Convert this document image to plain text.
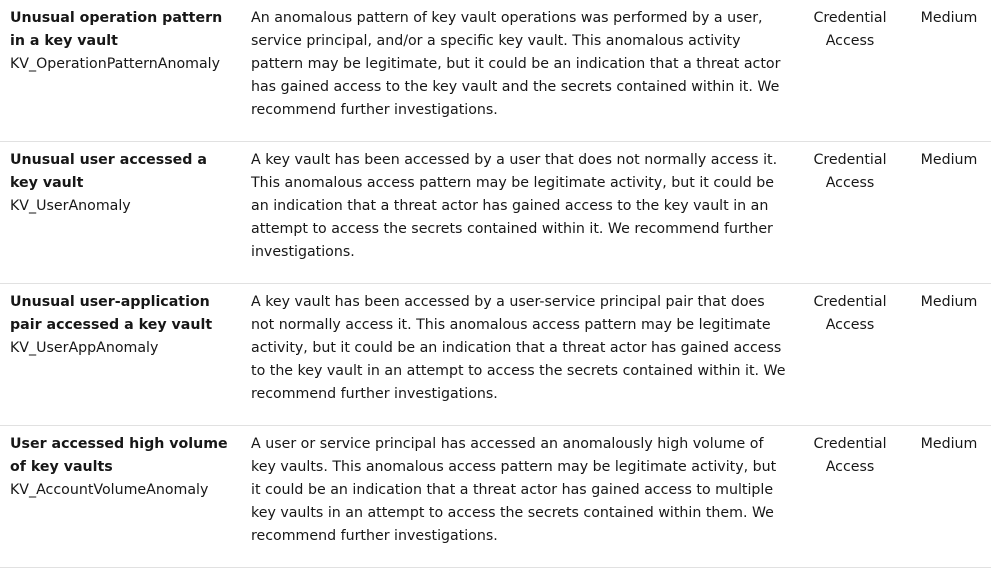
Unusual operation pattern in a key vault
KV_OperationPatternAnomaly
An anomalous pattern of key vault operations was performed by a user, service principal, and/or a specific key vault. This anomalous activity pattern may be legitimate, but it could be an indication that a threat actor has gained access to the key vault and the secrets contained within it. We recommend further investigations.
Credential Access
Medium
Unusual user accessed a key vault
KV_UserAnomaly
A key vault has been accessed by a user that does not normally access it. This anomalous access pattern may be legitimate activity, but it could be an indication that a threat actor has gained access to the key vault in an attempt to access the secrets contained within it. We recommend further investigations.
Credential Access
Medium
Unusual user-application pair accessed a key vault
KV_UserAppAnomaly
A key vault has been accessed by a user-service principal pair that does not normally access it. This anomalous access pattern may be legitimate activity, but it could be an indication that a threat actor has gained access to the key vault in an attempt to access the secrets contained within it. We recommend further investigations.
Credential Access
Medium
User accessed high volume of key vaults
KV_AccountVolumeAnomaly
A user or service principal has accessed an anomalously high volume of key vaults. This anomalous access pattern may be legitimate activity, but it could be an indication that a threat actor has gained access to multiple key vaults in an attempt to access the secrets contained within them. We recommend further investigations.
Credential Access
Medium
